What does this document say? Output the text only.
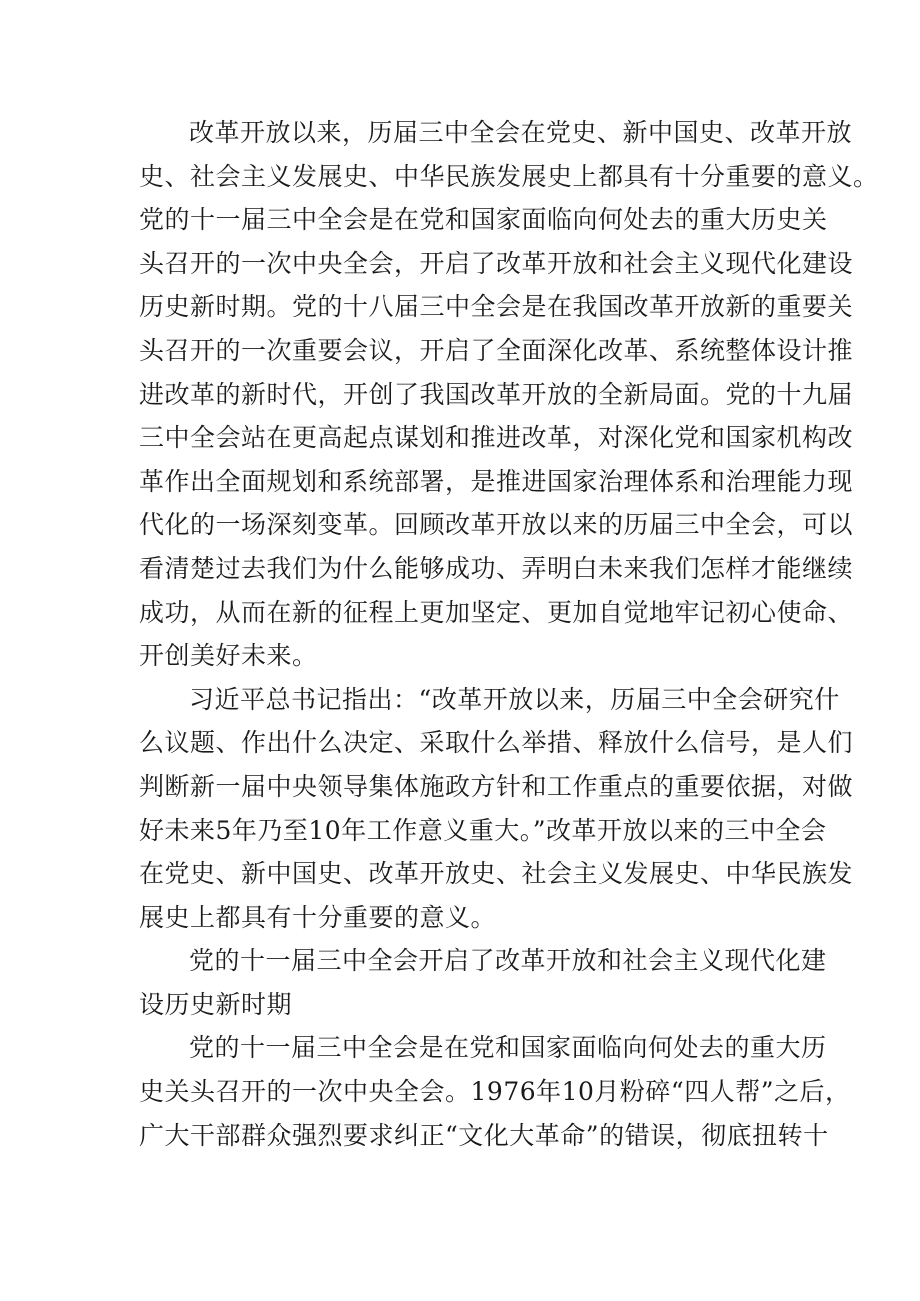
改革开放以来，历届三中全会在党史、新中国史、改革开放
史、社会主义发展史、中华民族发展史上都具有十分重要的意义。
党的十一届三中全会是在党和国家面临向何处去的重大历史关
头召开的一次中央全会，开启了改革开放和社会主义现代化建设
历史新时期。党的十八届三中全会是在我国改革开放新的重要关
头召开的一次重要会议，开启了全面深化改革、系统整体设计推
进改革的新时代，开创了我国改革开放的全新局面。党的十九届
三中全会站在更高起点谋划和推进改革，对深化党和国家机构改
革作出全面规划和系统部署，是推进国家治理体系和治理能力现
代化的一场深刻变革。回顾改革开放以来的历届三中全会，可以
看清楚过去我们为什么能够成功、弄明白未来我们怎样才能继续
成功，从而在新的征程上更加坚定、更加自觉地牢记初心使命、
开创美好未来。
习近平总书记指出：“改革开放以来，历届三中全会研究什
么议题、作出什么决定、采取什么举措、释放什么信号，是人们
判断新一届中央领导集体施政方针和工作重点的重要依据，对做
好未来5年乃至10年工作意义重大。”改革开放以来的三中全会
在党史、新中国史、改革开放史、社会主义发展史、中华民族发
展史上都具有十分重要的意义。
党的十一届三中全会开启了改革开放和社会主义现代化建
设历史新时期
党的十一届三中全会是在党和国家面临向何处去的重大历
史关头召开的一次中央全会。1976年10月粉碎“四人帮”之后，
广大干部群众强烈要求纠正“文化大革命”的错误，彻底扭转十
